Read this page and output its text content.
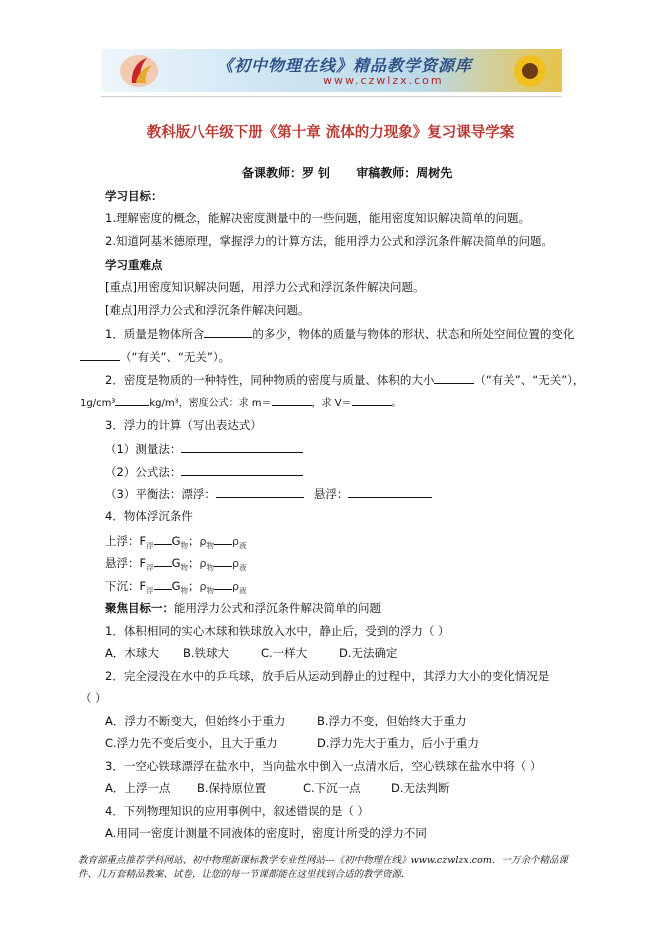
《初中物理在线》精品教学资源库
www.czwlzx.com
教科版八年级下册《第十章 流体的力现象》复习课导学案
备课教师：罗 钊 审稿教师：周树先
学习目标：
1.理解密度的概念，能解决密度测量中的一些问题，能用密度知识解决简单的问题。
2.知道阿基米德原理，掌握浮力的计算方法，能用浮力公式和浮沉条件解决简单的问题。
学习重难点
[重点]用密度知识解决问题，用浮力公式和浮沉条件解决问题。
[难点]用浮力公式和浮沉条件解决问题。
1．质量是物体所含	的多少，物体的质量与物体的形状、状态和所处空间位置的变化
（“有关”、“无关”）。
2．密度是物质的一种特性，同种物质的密度与质量、体积的大小	（“有关”、“无关”），
1g/cm³	kg/m³，密度公式：求 m＝	，求 V＝	。
3．浮力的计算（写出表达式）
（1）测量法：
（2）公式法：
（3）平衡法：漂浮：	悬浮：
4．物体浮沉条件
上浮：$F_浮$ $G_物$；$\rho_物$ $\rho_液$
悬浮：$F_浮$ $G_物$；$\rho_物$ $\rho_液$
下沉：$F_浮$ $G_物$；$\rho_物$ $\rho_液$
聚焦目标一：能用浮力公式和浮沉条件解决简单的问题
1．体积相同的实心木球和铁球放入水中，静止后，受到的浮力（ ）
A．木球大 B.铁球大	C.一样大	D.无法确定
2．完全浸没在水中的乒乓球，放手后从运动到静止的过程中，其浮力大小的变化情况是
（ ）
A．浮力不断变大，但始终小于重力	B.浮力不变，但始终大于重力
C.浮力先不变后变小，且大于重力	D.浮力先大于重力，后小于重力
3．一空心铁球漂浮在盐水中，当向盐水中倒入一点清水后，空心铁球在盐水中将（ ）
A．上浮一点 B.保持原位置	C.下沉一点	D.无法判断
4．下列物理知识的应用事例中，叙述错误的是（ ）
A.用同一密度计测量不同液体的密度时，密度计所受的浮力不同
教育部重点推荐学科网站、初中物理新课标教学专业性网站---《初中物理在线》www.czwlzx.com．一万余个精品课
件、几万套精品教案、试卷，让您的每一节课都能在这里找到合适的教学资源．
